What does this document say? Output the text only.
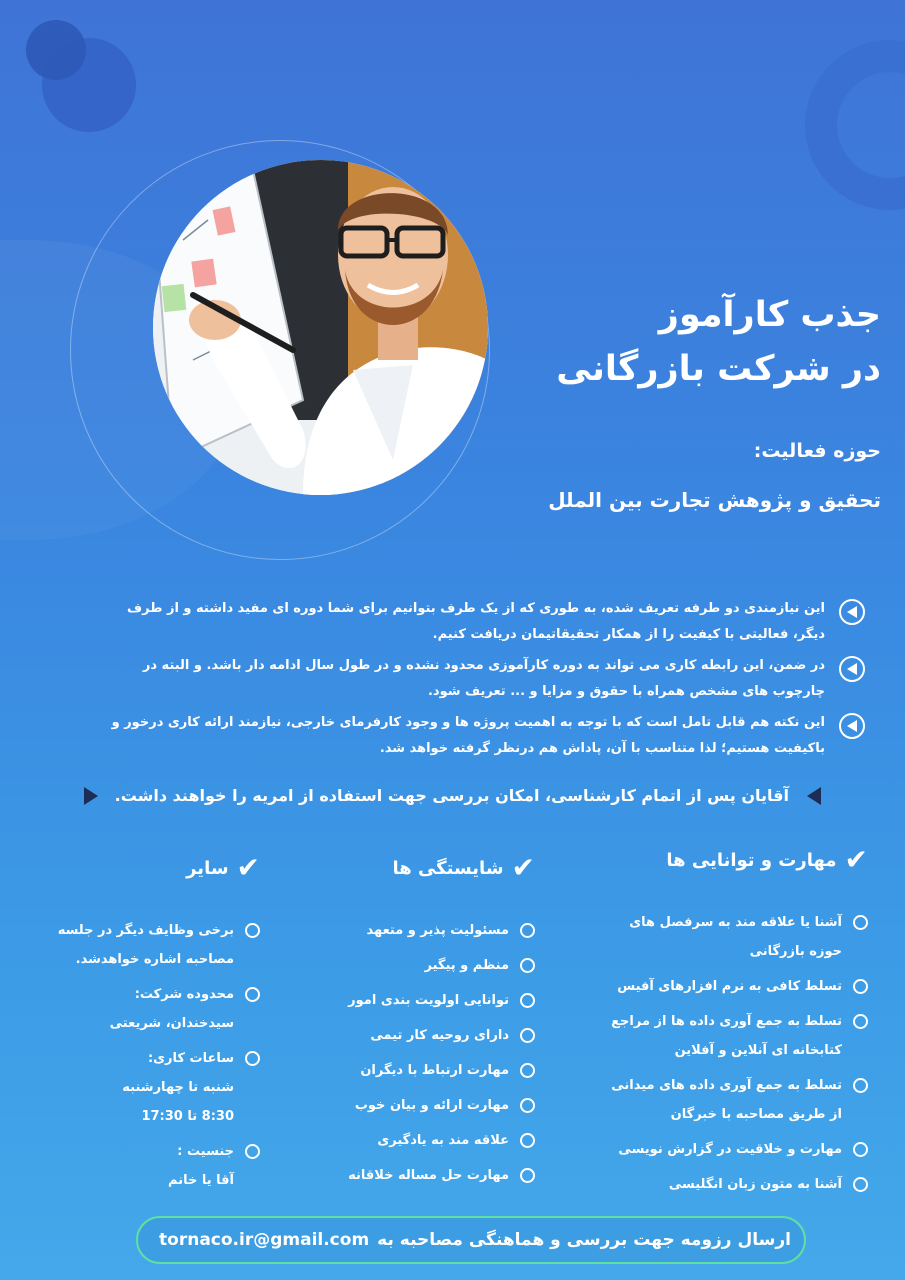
جذب کارآموز
در شرکت بازرگانی
حوزه فعالیت:
تحقیق و پژوهش تجارت بین الملل

این نیازمندی دو طرفه تعریف شده، به طوری که از یک طرف بتوانیم برای شما دوره ای مفید داشته و از طرف دیگر، فعالیتی با کیفیت را از همکار تحقیقاتیمان دریافت کنیم.

در ضمن، این رابطه کاری می تواند به دوره کارآموزی محدود نشده و در طول سال ادامه دار باشد. و البته در چارچوب های مشخص همراه با حقوق و مزایا و ... تعریف شود.

این نکته هم قابل تامل است که با توجه به اهمیت پروژه ها و وجود کارفرمای خارجی، نیازمند ارائه کاری درخور و باکیفیت هستیم؛ لذا متناسب با آن، پاداش هم درنظر گرفته خواهد شد.

آقایان پس از اتمام کارشناسی، امکان بررسی جهت استفاده از امریه را خواهند داشت.
✔
مهارت و توانایی ها
آشنا یا علاقه مند به سرفصل های حوزه بازرگانی
تسلط کافی به نرم افزارهای آفیس
تسلط به جمع آوری داده ها از مراجع کتابخانه ای آنلاین و آفلاین
تسلط به جمع آوری داده های میدانی از طریق مصاحبه با خبرگان
مهارت و خلاقیت در گزارش نویسی
آشنا به متون زبان انگلیسی
✔
شایستگی ها
مسئولیت پذیر و متعهد
منظم و پیگیر
توانایی اولویت بندی امور
دارای روحیه کار تیمی
مهارت ارتباط با دیگران
مهارت ارائه و بیان خوب
علاقه مند به یادگیری
مهارت حل مساله خلاقانه
✔
سایر
برخی وظایف دیگر در جلسه مصاحبه اشاره خواهدشد.
محدوده شرکت:
سیدخندان، شریعتی
ساعات کاری:
شنبه تا چهارشنبه
8:30 تا 17:30
جنسیت :
آقا یا خانم
ارسال رزومه جهت بررسی و هماهنگی مصاحبه به
tornaco.ir@gmail.com
